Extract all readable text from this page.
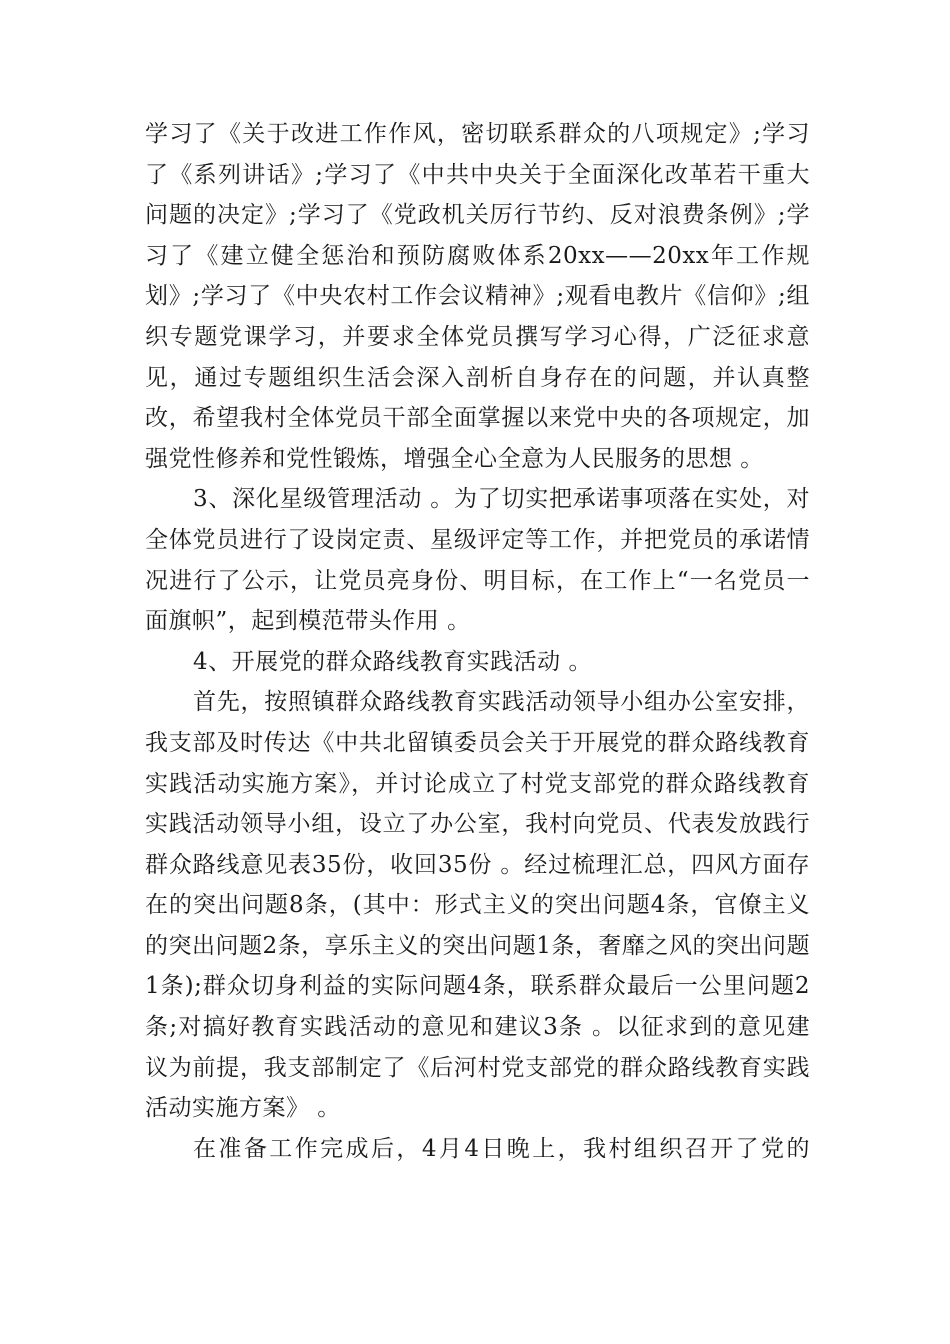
学习了《关于改进工作作风，密切联系群众的八项规定》;学习了《系列讲话》;学习了《中共中央关于全面深化改革若干重大问题的决定》;学习了《党政机关厉行节约、反对浪费条例》;学习了《建立健全惩治和预防腐败体系20xx——20xx年工作规划》;学习了《中央农村工作会议精神》;观看电教片《信仰》;组织专题党课学习，并要求全体党员撰写学习心得，广泛征求意见，通过专题组织生活会深入剖析自身存在的问题，并认真整改，希望我村全体党员干部全面掌握以来党中央的各项规定，加强党性修养和党性锻炼，增强全心全意为人民服务的思想 。

3、深化星级管理活动 。为了切实把承诺事项落在实处，对全体党员进行了设岗定责、星级评定等工作，并把党员的承诺情况进行了公示，让党员亮身份、明目标，在工作上“一名党员一面旗帜”，起到模范带头作用 。

4、开展党的群众路线教育实践活动 。

首先，按照镇群众路线教育实践活动领导小组办公室安排，我支部及时传达《中共北留镇委员会关于开展党的群众路线教育实践活动实施方案》，并讨论成立了村党支部党的群众路线教育实践活动领导小组，设立了办公室，我村向党员、代表发放践行群众路线意见表35份，收回35份 。经过梳理汇总，四风方面存在的突出问题8条，(其中：形式主义的突出问题4条，官僚主义的突出问题2条，享乐主义的突出问题1条，奢靡之风的突出问题1条);群众切身利益的实际问题4条，联系群众最后一公里问题2条;对搞好教育实践活动的意见和建议3条 。以征求到的意见建议为前提，我支部制定了《后河村党支部党的群众路线教育实践活动实施方案》 。

在准备工作完成后，4月4日晚上，我村组织召开了党的
